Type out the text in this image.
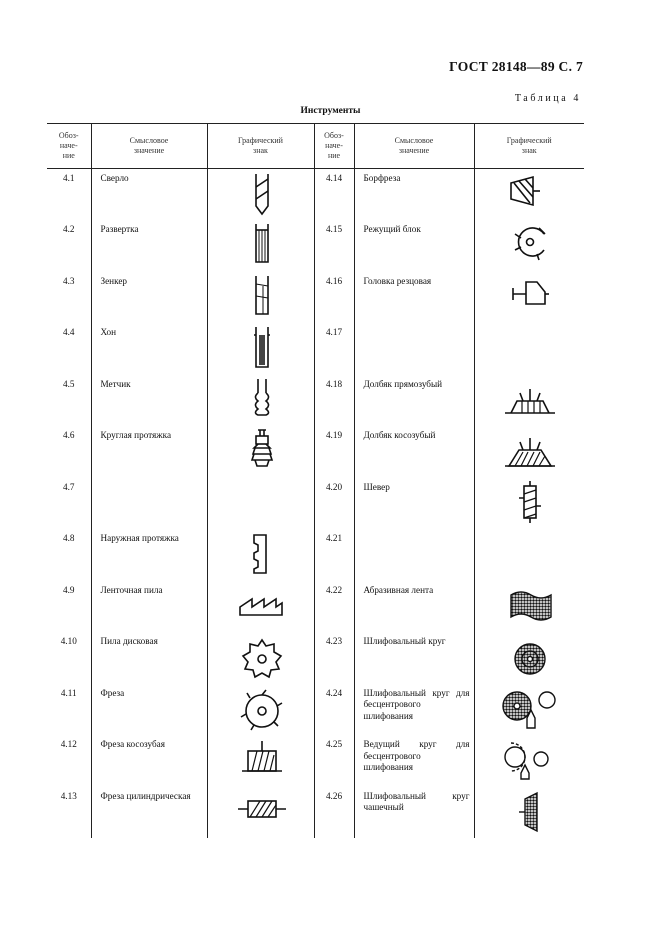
ГОСТ 28148—89 С. 7
Таблица 4
Инструменты
Обоз-
наче-
ние	Смысловое
значение	Графический
знак	Обоз-
наче-
ние	Смысловое
значение	Графический
знак
4.1	Сверло		4.14	Борфреза	

4.2	Развертка		4.15	Режущий блок	

4.3	Зенкер		4.16	Головка резцовая	

4.4	Хон		4.17		
4.5	Метчик		4.18	Долбяк прямозубый	

4.6	Круглая протяжка		4.19	Долбяк косозубый	

4.7			4.20	Шевер	

4.8	Наружная протяжка		4.21		
4.9	Ленточная пила		4.22	Абразивная лента	

4.10	Пила дисковая		4.23	Шлифовальный круг	

4.11	Фреза		4.24	Шлифовальный круг для бесцентрового шлифования	

4.12	Фреза косозубая		4.25	Ведущий круг для бесцентрового шлифования	

4.13	Фреза цилиндрическая		4.26	Шлифовальный круг чашечный	
